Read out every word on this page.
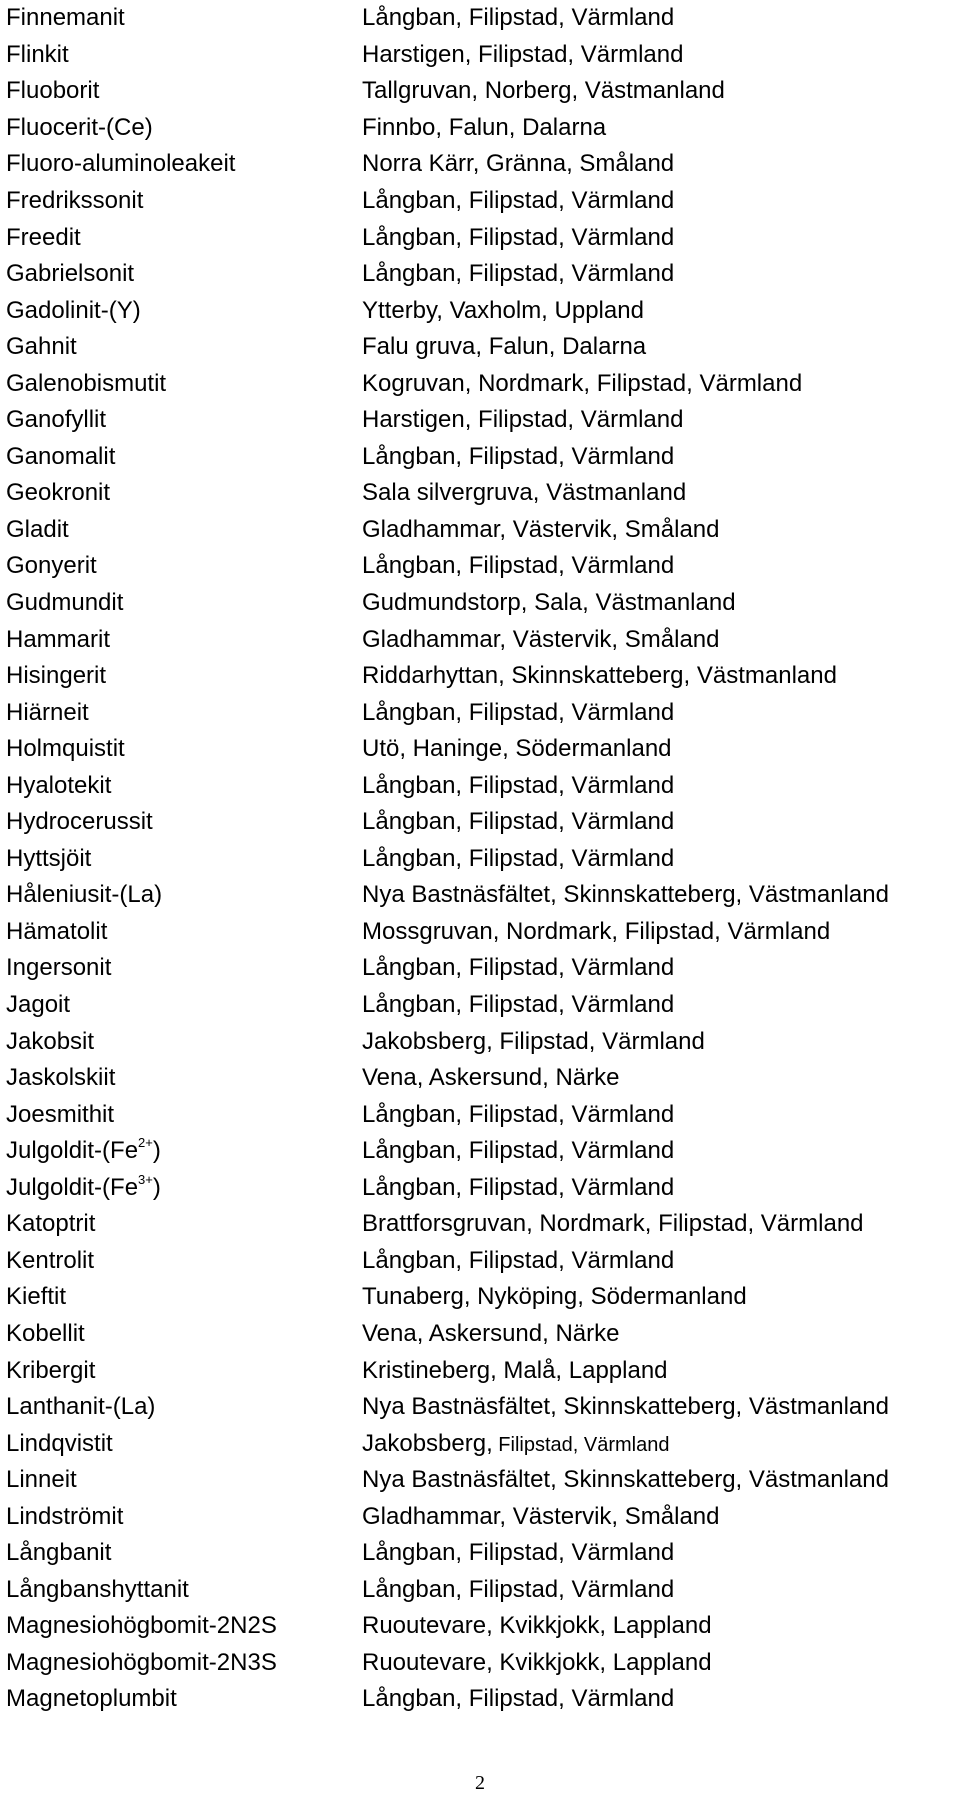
Finnemanit	Långban, Filipstad, Värmland
Flinkit	Harstigen, Filipstad, Värmland
Fluoborit	Tallgruvan, Norberg, Västmanland
Fluocerit-(Ce)	Finnbo, Falun, Dalarna
Fluoro-aluminoleakeit	Norra Kärr, Gränna, Småland
Fredrikssonit	Långban, Filipstad, Värmland
Freedit	Långban, Filipstad, Värmland
Gabrielsonit	Långban, Filipstad, Värmland
Gadolinit-(Y)	Ytterby, Vaxholm, Uppland
Gahnit	Falu gruva, Falun, Dalarna
Galenobismutit	Kogruvan, Nordmark, Filipstad, Värmland
Ganofyllit	Harstigen, Filipstad, Värmland
Ganomalit	Långban, Filipstad, Värmland
Geokronit	Sala silvergruva, Västmanland
Gladit	Gladhammar, Västervik, Småland
Gonyerit	Långban, Filipstad, Värmland
Gudmundit	Gudmundstorp, Sala, Västmanland
Hammarit	Gladhammar, Västervik, Småland
Hisingerit	Riddarhyttan, Skinnskatteberg, Västmanland
Hiärneit	Långban, Filipstad, Värmland
Holmquistit	Utö, Haninge, Södermanland
Hyalotekit	Långban, Filipstad, Värmland
Hydrocerussit	Långban, Filipstad, Värmland
Hyttsjöit	Långban, Filipstad, Värmland
Håleniusit-(La)	Nya Bastnäsfältet, Skinnskatteberg, Västmanland
Hämatolit	Mossgruvan, Nordmark, Filipstad, Värmland
Ingersonit	Långban, Filipstad, Värmland
Jagoit	Långban, Filipstad, Värmland
Jakobsit	Jakobsberg, Filipstad, Värmland
Jaskolskiit	Vena, Askersund, Närke
Joesmithit	Långban, Filipstad, Värmland
Julgoldit-$(Fe^{2+})$	Långban, Filipstad, Värmland
Julgoldit-$(Fe^{3+})$	Långban, Filipstad, Värmland
Katoptrit	Brattforsgruvan, Nordmark, Filipstad, Värmland
Kentrolit	Långban, Filipstad, Värmland
Kieftit	Tunaberg, Nyköping, Södermanland
Kobellit	Vena, Askersund, Närke
Kribergit	Kristineberg, Malå, Lappland
Lanthanit-(La)	Nya Bastnäsfältet, Skinnskatteberg, Västmanland
Lindqvistit	Jakobsberg, Filipstad, Värmland
Linneit	Nya Bastnäsfältet, Skinnskatteberg, Västmanland
Lindströmit	Gladhammar, Västervik, Småland
Långbanit	Långban, Filipstad, Värmland
Långbanshyttanit	Långban, Filipstad, Värmland
Magnesiohögbomit-2N2S	Ruoutevare, Kvikkjokk, Lappland
Magnesiohögbomit-2N3S	Ruoutevare, Kvikkjokk, Lappland
Magnetoplumbit	Långban, Filipstad, Värmland
2
